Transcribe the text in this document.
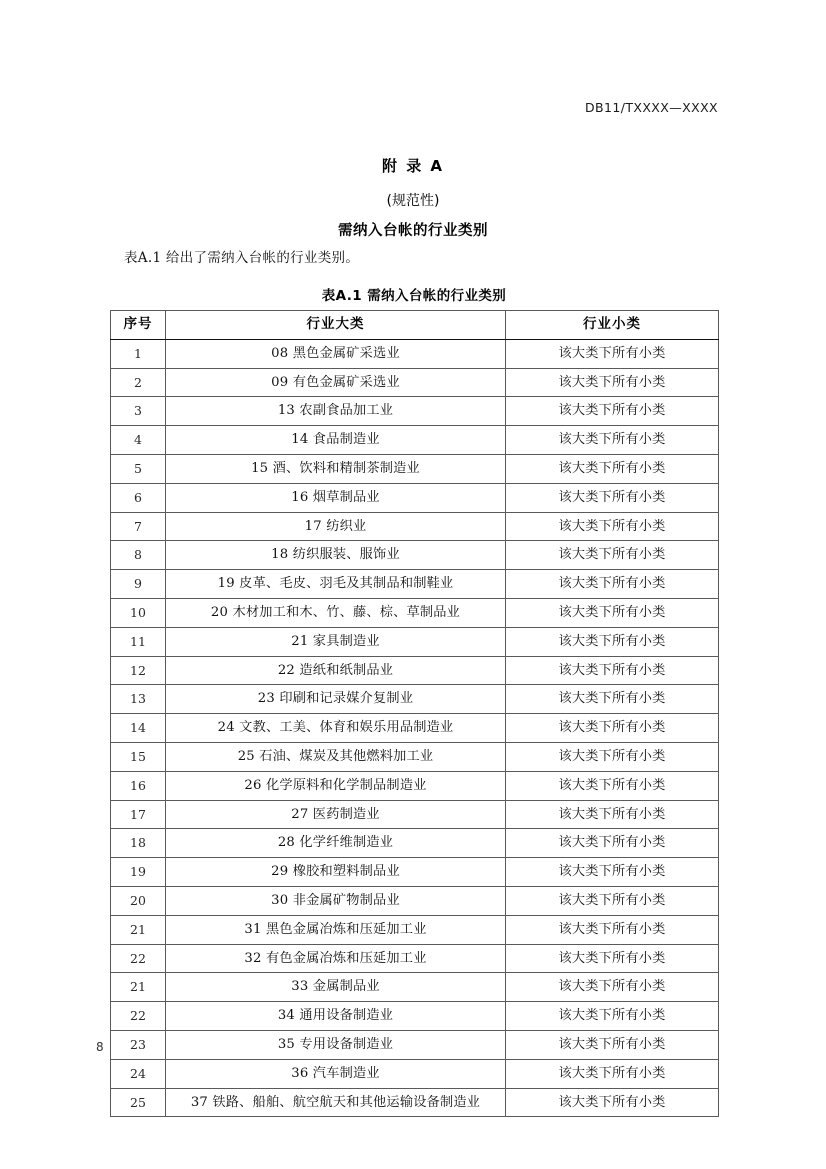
DB11/TXXXX—XXXX
附 录 A
(规范性)
需纳入台帐的行业类别
表A.1 给出了需纳入台帐的行业类别。
表A.1 需纳入台帐的行业类别
序号	行业大类	行业小类
1	08 黑色金属矿采选业	该大类下所有小类
2	09 有色金属矿采选业	该大类下所有小类
3	13 农副食品加工业	该大类下所有小类
4	14 食品制造业	该大类下所有小类
5	15 酒、饮料和精制茶制造业	该大类下所有小类
6	16 烟草制品业	该大类下所有小类
7	17 纺织业	该大类下所有小类
8	18 纺织服装、服饰业	该大类下所有小类
9	19 皮革、毛皮、羽毛及其制品和制鞋业	该大类下所有小类
10	20 木材加工和木、竹、藤、棕、草制品业	该大类下所有小类
11	21 家具制造业	该大类下所有小类
12	22 造纸和纸制品业	该大类下所有小类
13	23 印刷和记录媒介复制业	该大类下所有小类
14	24 文教、工美、体育和娱乐用品制造业	该大类下所有小类
15	25 石油、煤炭及其他燃料加工业	该大类下所有小类
16	26 化学原料和化学制品制造业	该大类下所有小类
17	27 医药制造业	该大类下所有小类
18	28 化学纤维制造业	该大类下所有小类
19	29 橡胶和塑料制品业	该大类下所有小类
20	30 非金属矿物制品业	该大类下所有小类
21	31 黑色金属冶炼和压延加工业	该大类下所有小类
22	32 有色金属冶炼和压延加工业	该大类下所有小类
21	33 金属制品业	该大类下所有小类
22	34 通用设备制造业	该大类下所有小类
23	35 专用设备制造业	该大类下所有小类
24	36 汽车制造业	该大类下所有小类
25	37 铁路、船舶、航空航天和其他运输设备制造业	该大类下所有小类
8
